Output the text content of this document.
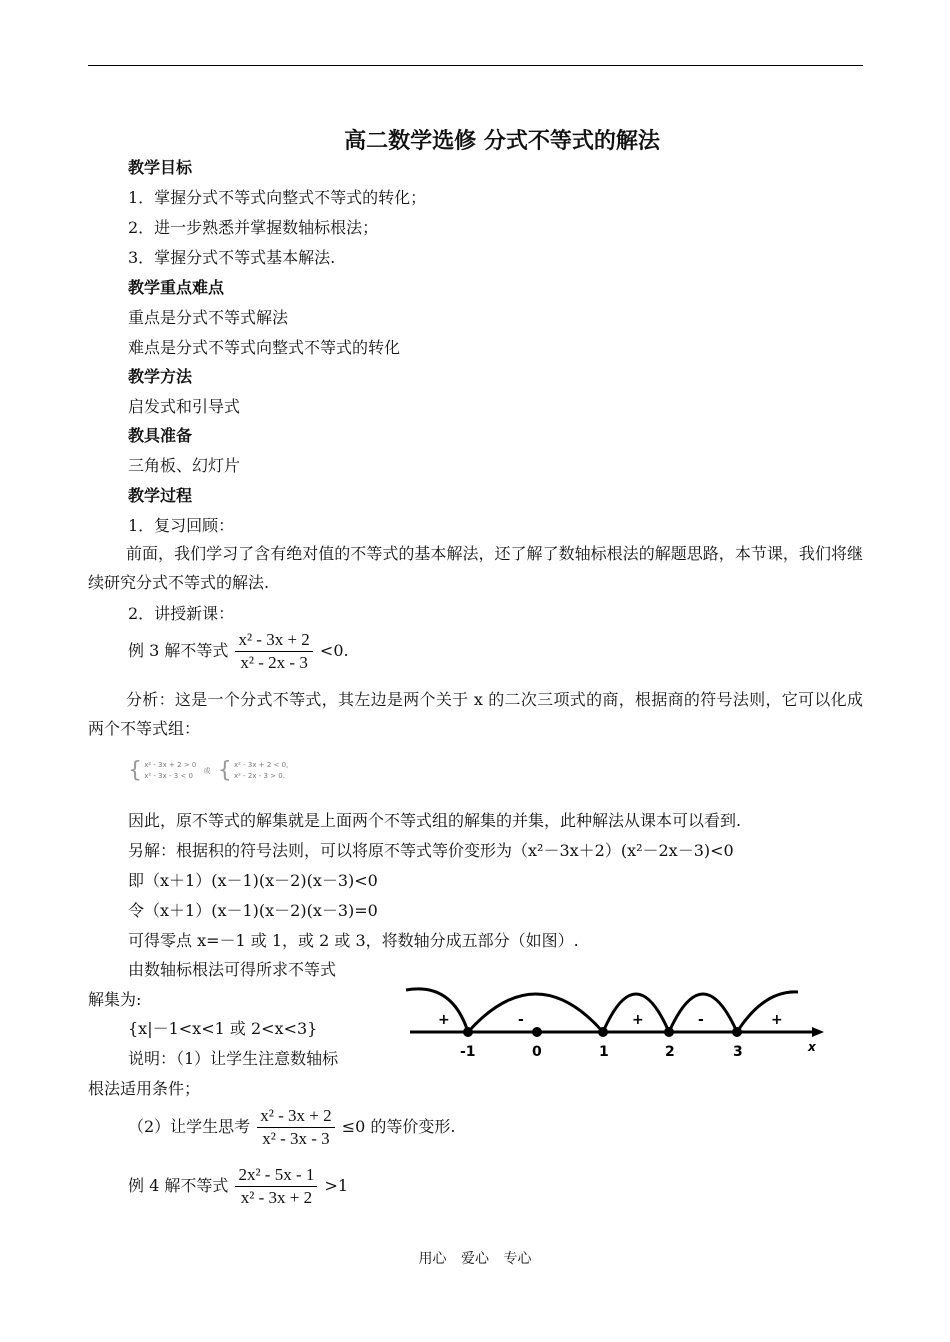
高二数学选修 分式不等式的解法
教学目标
1．掌握分式不等式向整式不等式的转化；
2．进一步熟悉并掌握数轴标根法；
3．掌握分式不等式基本解法.
教学重点难点
重点是分式不等式解法
难点是分式不等式向整式不等式的转化
教学方法
启发式和引导式
教具准备
三角板、幻灯片
教学过程
1．复习回顾：
前面，我们学习了含有绝对值的不等式的基本解法，还了解了数轴标根法的解题思路，本节课，我们将继续研究分式不等式的解法.
2．讲授新课：
例 3 解不等式 $\frac{\text{x² - 3x + 2}}{\text{x² - 2x - 3}} <0$.
分析：这是一个分式不等式，其左边是两个关于 x 的二次三项式的商，根据商的符号法则，它可以化成两个不等式组：
{ x² - 3x + 2 > 0
x² - 3x - 3 < 0 或 { x² - 3x + 2 < 0,
x² - 2x - 3 > 0.
因此，原不等式的解集就是上面两个不等式组的解集的并集，此种解法从课本可以看到.
另解：根据积的符号法则，可以将原不等式等价变形为（x²－3x＋2）(x²－2x－3)<0
即（x＋1）(x－1)(x－2)(x－3)<0
令（x＋1）(x－1)(x－2)(x－3)=0
可得零点 x=－1 或 1，或 2 或 3，将数轴分成五部分（如图）.
由数轴标根法可得所求不等式
解集为:
{x|－1<x<1 或 2<x<3}
说明：（1）让学生注意数轴标
根法适用条件；
-1	0	1	2	3
+	-	+	-	+
x
（2）让学生思考 $\frac{\text{x² - 3x + 2}}{\text{x² - 3x - 3}} \le 0$ 的等价变形.
例 4 解不等式 $\frac{\text{2x² - 5x - 1}}{\text{x² - 3x + 2}} >1$
用心 爱心 专心
